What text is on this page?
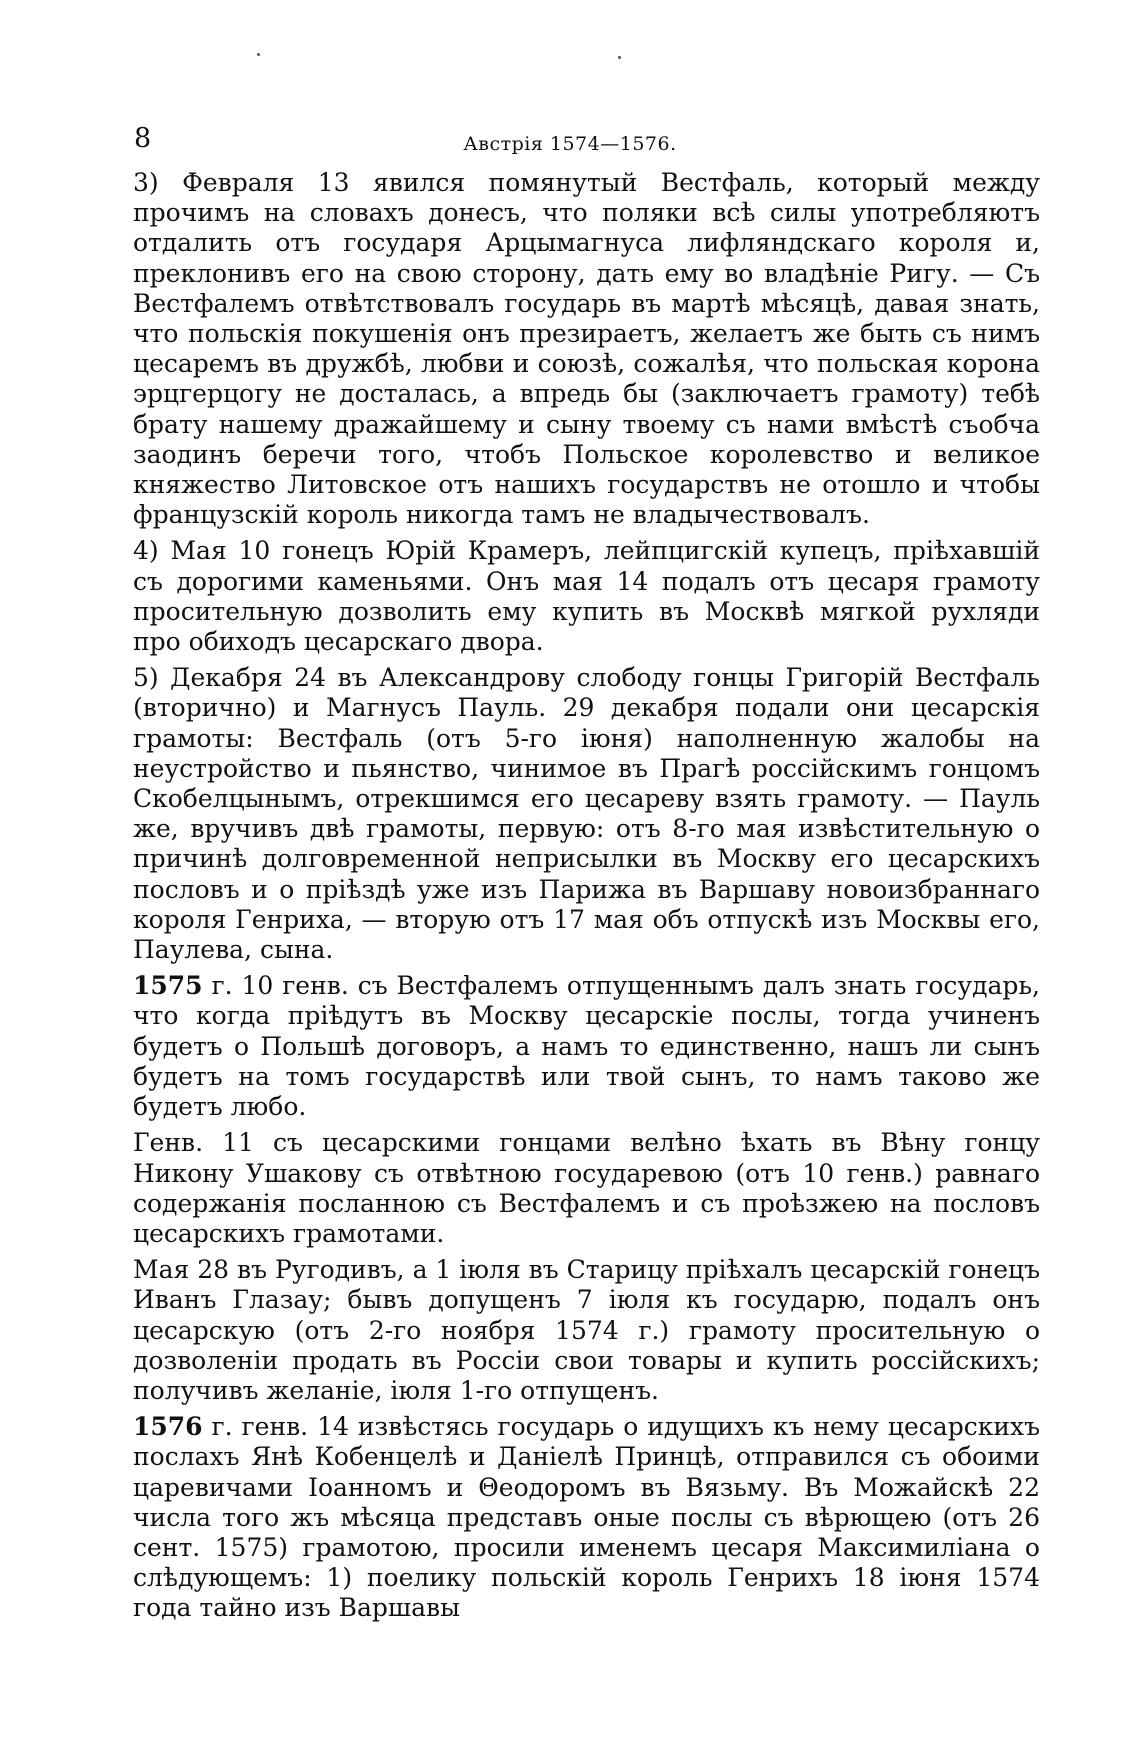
8	Австрія 1574—1576.

3) Февраля 13 явился помянутый Вестфаль, который между прочимъ на словахъ донесъ, что поляки всѣ силы употребляютъ отдалить отъ государя Арцымагнуса лифляндскаго короля и, преклонивъ его на свою сторону, дать ему во владѣніе Ригу. — Съ Вестфалемъ отвѣтствовалъ государь въ мартѣ мѣсяцѣ, давая знать, что польскія покушенія онъ презираетъ, желаетъ же быть съ нимъ цесаремъ въ дружбѣ, любви и союзѣ, сожалѣя, что польская корона эрцгерцогу не досталась, а впредь бы (заключаетъ грамоту) тебѣ брату нашему дражайшему и сыну твоему съ нами вмѣстѣ съобча заодинъ беречи того, чтобъ Польское королевство и великое княжество Литовское отъ нашихъ государствъ не отошло и чтобы французскій король никогда тамъ не владычествовалъ.

4) Мая 10 гонецъ Юрій Крамеръ, лейпцигскій купецъ, пріѣхавшій съ дорогими каменьями. Онъ мая 14 подалъ отъ цесаря грамоту просительную дозволить ему купить въ Москвѣ мягкой рухляди про обиходъ цесарскаго двора.

5) Декабря 24 въ Александрову слободу гонцы Григорій Вестфаль (вторично) и Магнусъ Пауль. 29 декабря подали они цесарскія грамоты: Вестфаль (отъ 5-го іюня) наполненную жалобы на неустройство и пьянство, чинимое въ Прагѣ россійскимъ гонцомъ Скобелцынымъ, отрекшимся его цесареву взять грамоту. — Пауль же, вручивъ двѣ грамоты, первую: отъ 8-го мая извѣстительную о причинѣ долговременной неприсылки въ Москву его цесарскихъ пословъ и о пріѣздѣ уже изъ Парижа въ Варшаву новоизбраннаго короля Генриха, — вторую отъ 17 мая объ отпускѣ изъ Москвы его, Паулева, сына.

1575 г. 10 генв. съ Вестфалемъ отпущеннымъ далъ знать государь, что когда пріѣдутъ въ Москву цесарскіе послы, тогда учиненъ будетъ о Польшѣ договоръ, а намъ то единственно, нашъ ли сынъ будетъ на томъ государствѣ или твой сынъ, то намъ таково же будетъ любо.

Генв. 11 съ цесарскими гонцами велѣно ѣхать въ Вѣну гонцу Никону Ушакову съ отвѣтною государевою (отъ 10 генв.) равнаго содержанія посланною съ Вестфалемъ и съ проѣзжею на пословъ цесарскихъ грамотами.

Мая 28 въ Ругодивъ, а 1 іюля въ Старицу пріѣхалъ цесарскій гонецъ Иванъ Глазау; бывъ допущенъ 7 іюля къ государю, подалъ онъ цесарскую (отъ 2-го ноября 1574 г.) грамоту просительную о дозволеніи продать въ Россіи свои товары и купить россійскихъ; получивъ желаніе, іюля 1-го отпущенъ.

1576 г. генв. 14 извѣстясь государь о идущихъ къ нему цесарскихъ послахъ Янѣ Кобенцелѣ и Даніелѣ Принцѣ, отправился съ обоими царевичами Іоанномъ и Θеодоромъ въ Вязьму. Въ Можайскѣ 22 числа того жъ мѣсяца представъ оные послы съ вѣрющею (отъ 26 сент. 1575) грамотою, просили именемъ цесаря Максимиліана о слѣдующемъ: 1) поелику польскій король Генрихъ 18 іюня 1574 года тайно изъ Варшавы
